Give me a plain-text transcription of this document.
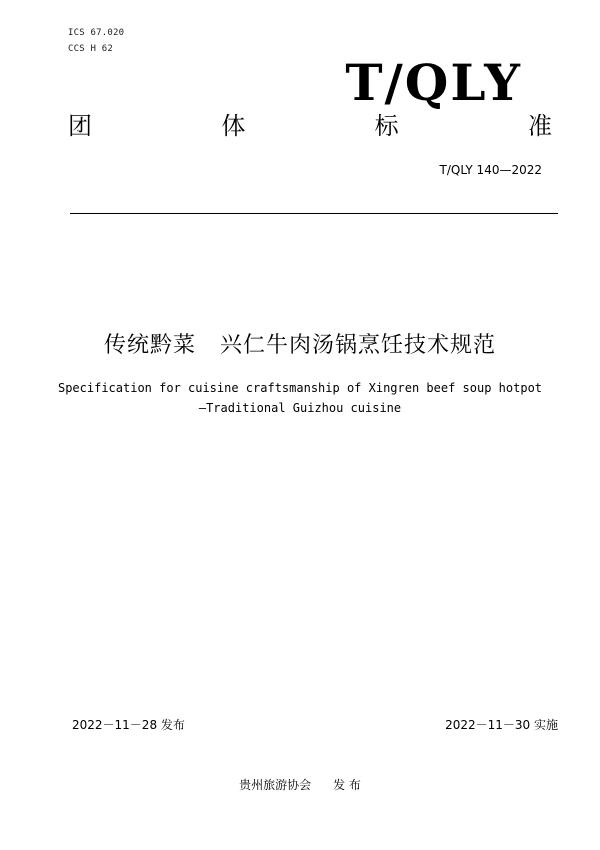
ICS 67.020
CCS H 62
T/QLY
团	体	标	准
T/QLY 140—2022
传统黔菜 兴仁牛肉汤锅烹饪技术规范
Specification for cuisine craftsmanship of Xingren beef soup hotpot
—Traditional Guizhou cuisine
2022－11－28 发布	2022－11－30 实施
贵州旅游协会 发 布
